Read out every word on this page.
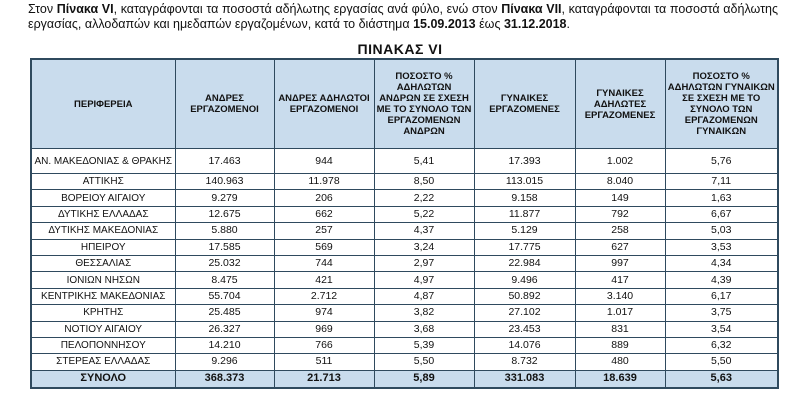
Στον Πίνακα VI, καταγράφονται τα ποσοστά αδήλωτης εργασίας ανά φύλο, ενώ στον Πίνακα VII, καταγράφονται τα ποσοστά αδήλωτης εργασίας, αλλοδαπών και ημεδαπών εργαζομένων, κατά το διάστημα 15.09.2013 έως 31.12.2018.
ΠΙΝΑΚΑΣ VI
ΠΕΡΙΦΕΡΕΙΑ	ΑΝΔΡΕΣ ΕΡΓΑΖΟΜΕΝΟΙ	ΑΝΔΡΕΣ ΑΔΗΛΩΤΟΙ ΕΡΓΑΖΟΜΕΝΟΙ	ΠΟΣΟΣΤΟ % ΑΔΗΛΩΤΩΝ ΑΝΔΡΩΝ ΣΕ ΣΧΕΣΗ ΜΕ ΤΟ ΣΥΝΟΛΟ ΤΩΝ ΕΡΓΑΖΟΜΕΝΩΝ ΑΝΔΡΩΝ	ΓΥΝΑΙΚΕΣ ΕΡΓΑΖΟΜΕΝΕΣ	ΓΥΝΑΙΚΕΣ ΑΔΗΛΩΤΕΣ ΕΡΓΑΖΟΜΕΝΕΣ	ΠΟΣΟΣΤΟ % ΑΔΗΛΩΤΩΝ ΓΥΝΑΙΚΩΝ ΣΕ ΣΧΕΣΗ ΜΕ ΤΟ ΣΥΝΟΛΟ ΤΩΝ ΕΡΓΑΖΟΜΕΝΩΝ ΓΥΝΑΙΚΩΝ
ΑΝ. ΜΑΚΕΔΟΝΙΑΣ & ΘΡΑΚΗΣ	17.463	944	5,41	17.393	1.002	5,76
ΑΤΤΙΚΗΣ	140.963	11.978	8,50	113.015	8.040	7,11
ΒΟΡΕΙΟΥ ΑΙΓΑΙΟΥ	9.279	206	2,22	9.158	149	1,63
ΔΥΤΙΚΗΣ ΕΛΛΑΔΑΣ	12.675	662	5,22	11.877	792	6,67
ΔΥΤΙΚΗΣ ΜΑΚΕΔΟΝΙΑΣ	5.880	257	4,37	5.129	258	5,03
ΗΠΕΙΡΟΥ	17.585	569	3,24	17.775	627	3,53
ΘΕΣΣΑΛΙΑΣ	25.032	744	2,97	22.984	997	4,34
ΙΟΝΙΩΝ ΝΗΣΩΝ	8.475	421	4,97	9.496	417	4,39
ΚΕΝΤΡΙΚΗΣ ΜΑΚΕΔΟΝΙΑΣ	55.704	2.712	4,87	50.892	3.140	6,17
ΚΡΗΤΗΣ	25.485	974	3,82	27.102	1.017	3,75
ΝΟΤΙΟΥ ΑΙΓΑΙΟΥ	26.327	969	3,68	23.453	831	3,54
ΠΕΛΟΠΟΝΝΗΣΟΥ	14.210	766	5,39	14.076	889	6,32
ΣΤΕΡΕΑΣ ΕΛΛΑΔΑΣ	9.296	511	5,50	8.732	480	5,50
ΣΥΝΟΛΟ	368.373	21.713	5,89	331.083	18.639	5,63
